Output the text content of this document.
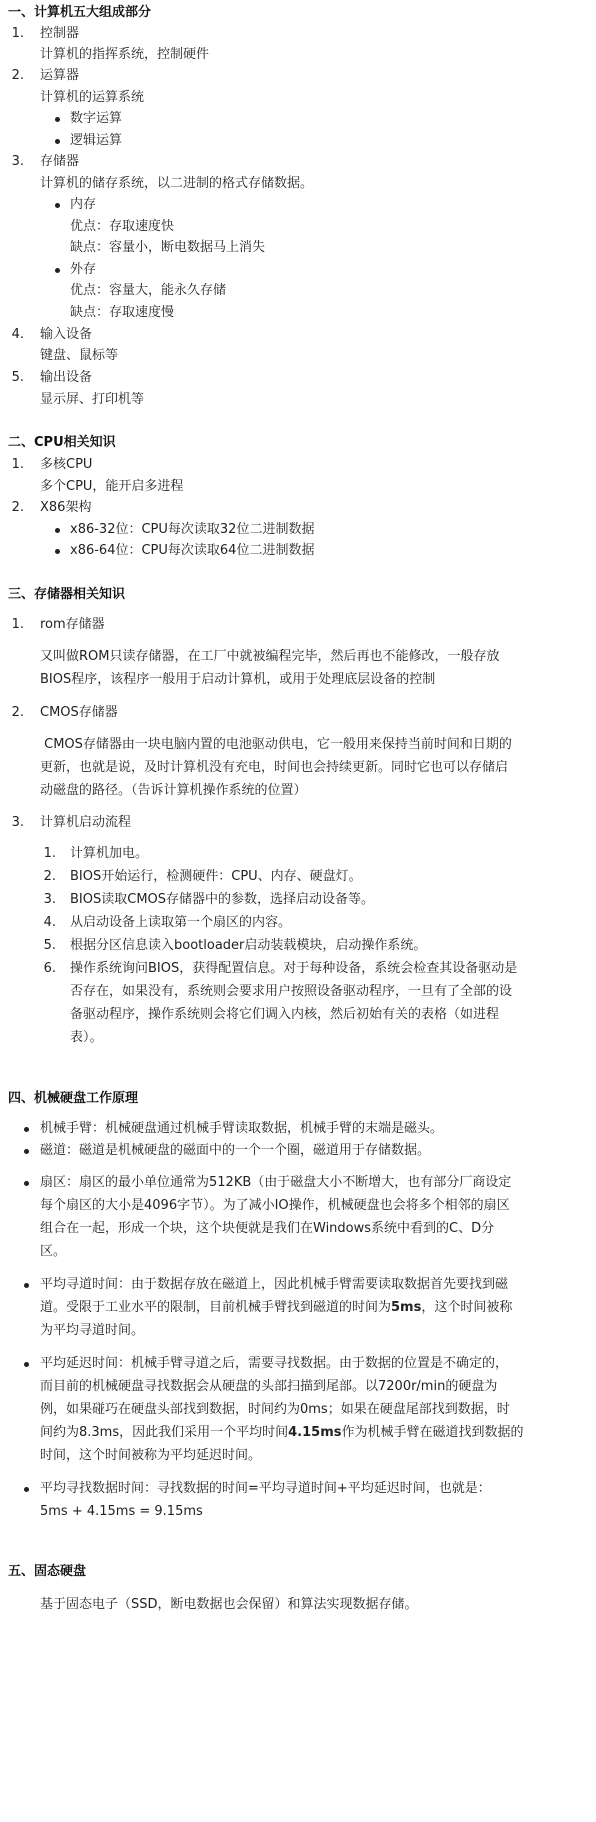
一、计算机五大组成部分
1. 控制器
计算机的指挥系统，控制硬件
2. 运算器
计算机的运算系统
数字运算
逻辑运算
3. 存储器
计算机的储存系统，以二进制的格式存储数据。
内存
优点：存取速度快
缺点：容量小，断电数据马上消失
外存
优点：容量大，能永久存储
缺点：存取速度慢
4. 输入设备
键盘、鼠标等
5. 输出设备
显示屏、打印机等
二、CPU相关知识
1. 多核CPU
多个CPU，能开启多进程
2. X86架构
x86-32位：CPU每次读取32位二进制数据
x86-64位：CPU每次读取64位二进制数据
三、存储器相关知识
1. rom存储器
又叫做ROM只读存储器，在工厂中就被编程完毕，然后再也不能修改，一般存放
BIOS程序，该程序一般用于启动计算机，或用于处理底层设备的控制
2. CMOS存储器
CMOS存储器由一块电脑内置的电池驱动供电，它一般用来保持当前时间和日期的
更新，也就是说，及时计算机没有充电，时间也会持续更新。同时它也可以存储启
动磁盘的路径。（告诉计算机操作系统的位置）
3. 计算机启动流程
1. 计算机加电。
2. BIOS开始运行，检测硬件：CPU、内存、硬盘灯。
3. BIOS读取CMOS存储器中的参数，选择启动设备等。
4. 从启动设备上读取第一个扇区的内容。
5. 根据分区信息读入bootloader启动装载模块，启动操作系统。
6. 操作系统询问BIOS，获得配置信息。对于每种设备，系统会检查其设备驱动是
否存在，如果没有，系统则会要求用户按照设备驱动程序，一旦有了全部的设
备驱动程序，操作系统则会将它们调入内核，然后初始有关的表格（如进程
表）。
四、机械硬盘工作原理
机械手臂：机械硬盘通过机械手臂读取数据，机械手臂的末端是磁头。
磁道：磁道是机械硬盘的磁面中的一个一个圈，磁道用于存储数据。
扇区：扇区的最小单位通常为512KB（由于磁盘大小不断增大，也有部分厂商设定
每个扇区的大小是4096字节）。为了减小IO操作，机械硬盘也会将多个相邻的扇区
组合在一起，形成一个块，这个块便就是我们在Windows系统中看到的C、D分
区。
平均寻道时间：由于数据存放在磁道上，因此机械手臂需要读取数据首先要找到磁
道。受限于工业水平的限制，目前机械手臂找到磁道的时间为5ms，这个时间被称
为平均寻道时间。
平均延迟时间：机械手臂寻道之后，需要寻找数据。由于数据的位置是不确定的，
而目前的机械硬盘寻找数据会从硬盘的头部扫描到尾部。以7200r/min的硬盘为
例，如果碰巧在硬盘头部找到数据，时间约为0ms；如果在硬盘尾部找到数据，时
间约为8.3ms，因此我们采用一个平均时间4.15ms作为机械手臂在磁道找到数据的
时间，这个时间被称为平均延迟时间。
平均寻找数据时间：寻找数据的时间=平均寻道时间+平均延迟时间，也就是：
5ms + 4.15ms = 9.15ms
五、固态硬盘
基于固态电子（SSD，断电数据也会保留）和算法实现数据存储。
